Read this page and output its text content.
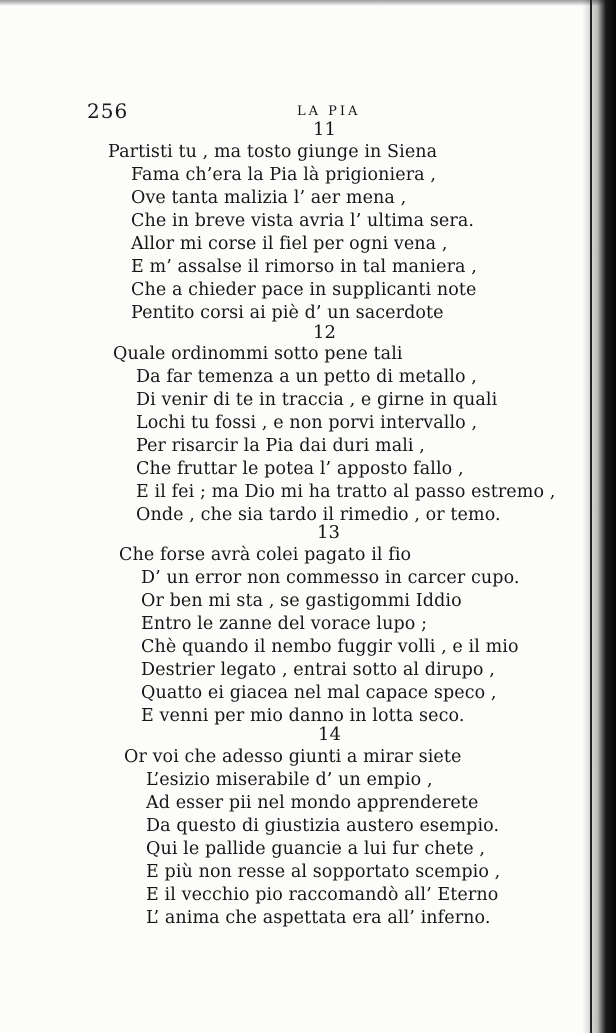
256	LA PIA
11
Partisti tu , ma tosto giunge in Siena
Fama ch’era la Pia là prigioniera ,
Ove tanta malizia l’ aer mena ,
Che in breve vista avria l’ ultima sera.
Allor mi corse il fiel per ogni vena ,
E m’ assalse il rimorso in tal maniera ,
Che a chieder pace in supplicanti note
Pentito corsi ai piè d’ un sacerdote
12
Quale ordinommi sotto pene tali
Da far temenza a un petto di metallo ,
Di venir di te in traccia , e girne in quali
Lochi tu fossi , e non porvi intervallo ,
Per risarcir la Pia dai duri mali ,
Che fruttar le potea l’ apposto fallo ,
E il fei ; ma Dio mi ha tratto al passo estremo ,
Onde , che sia tardo il rimedio , or temo.
13
Che forse avrà colei pagato il fio
D’ un error non commesso in carcer cupo.
Or ben mi sta , se gastigommi Iddio
Entro le zanne del vorace lupo ;
Chè quando il nembo fuggir volli , e il mio
Destrier legato , entrai sotto al dirupo ,
Quatto ei giacea nel mal capace speco ,
E venni per mio danno in lotta seco.
14
Or voi che adesso giunti a mirar siete
L’esizio miserabile d’ un empio ,
Ad esser pii nel mondo apprenderete
Da questo di giustizia austero esempio.
Qui le pallide guancie a lui fur chete ,
E più non resse al sopportato scempio ,
E il vecchio pio raccomandò all’ Eterno
L’ anima che aspettata era all’ inferno.
